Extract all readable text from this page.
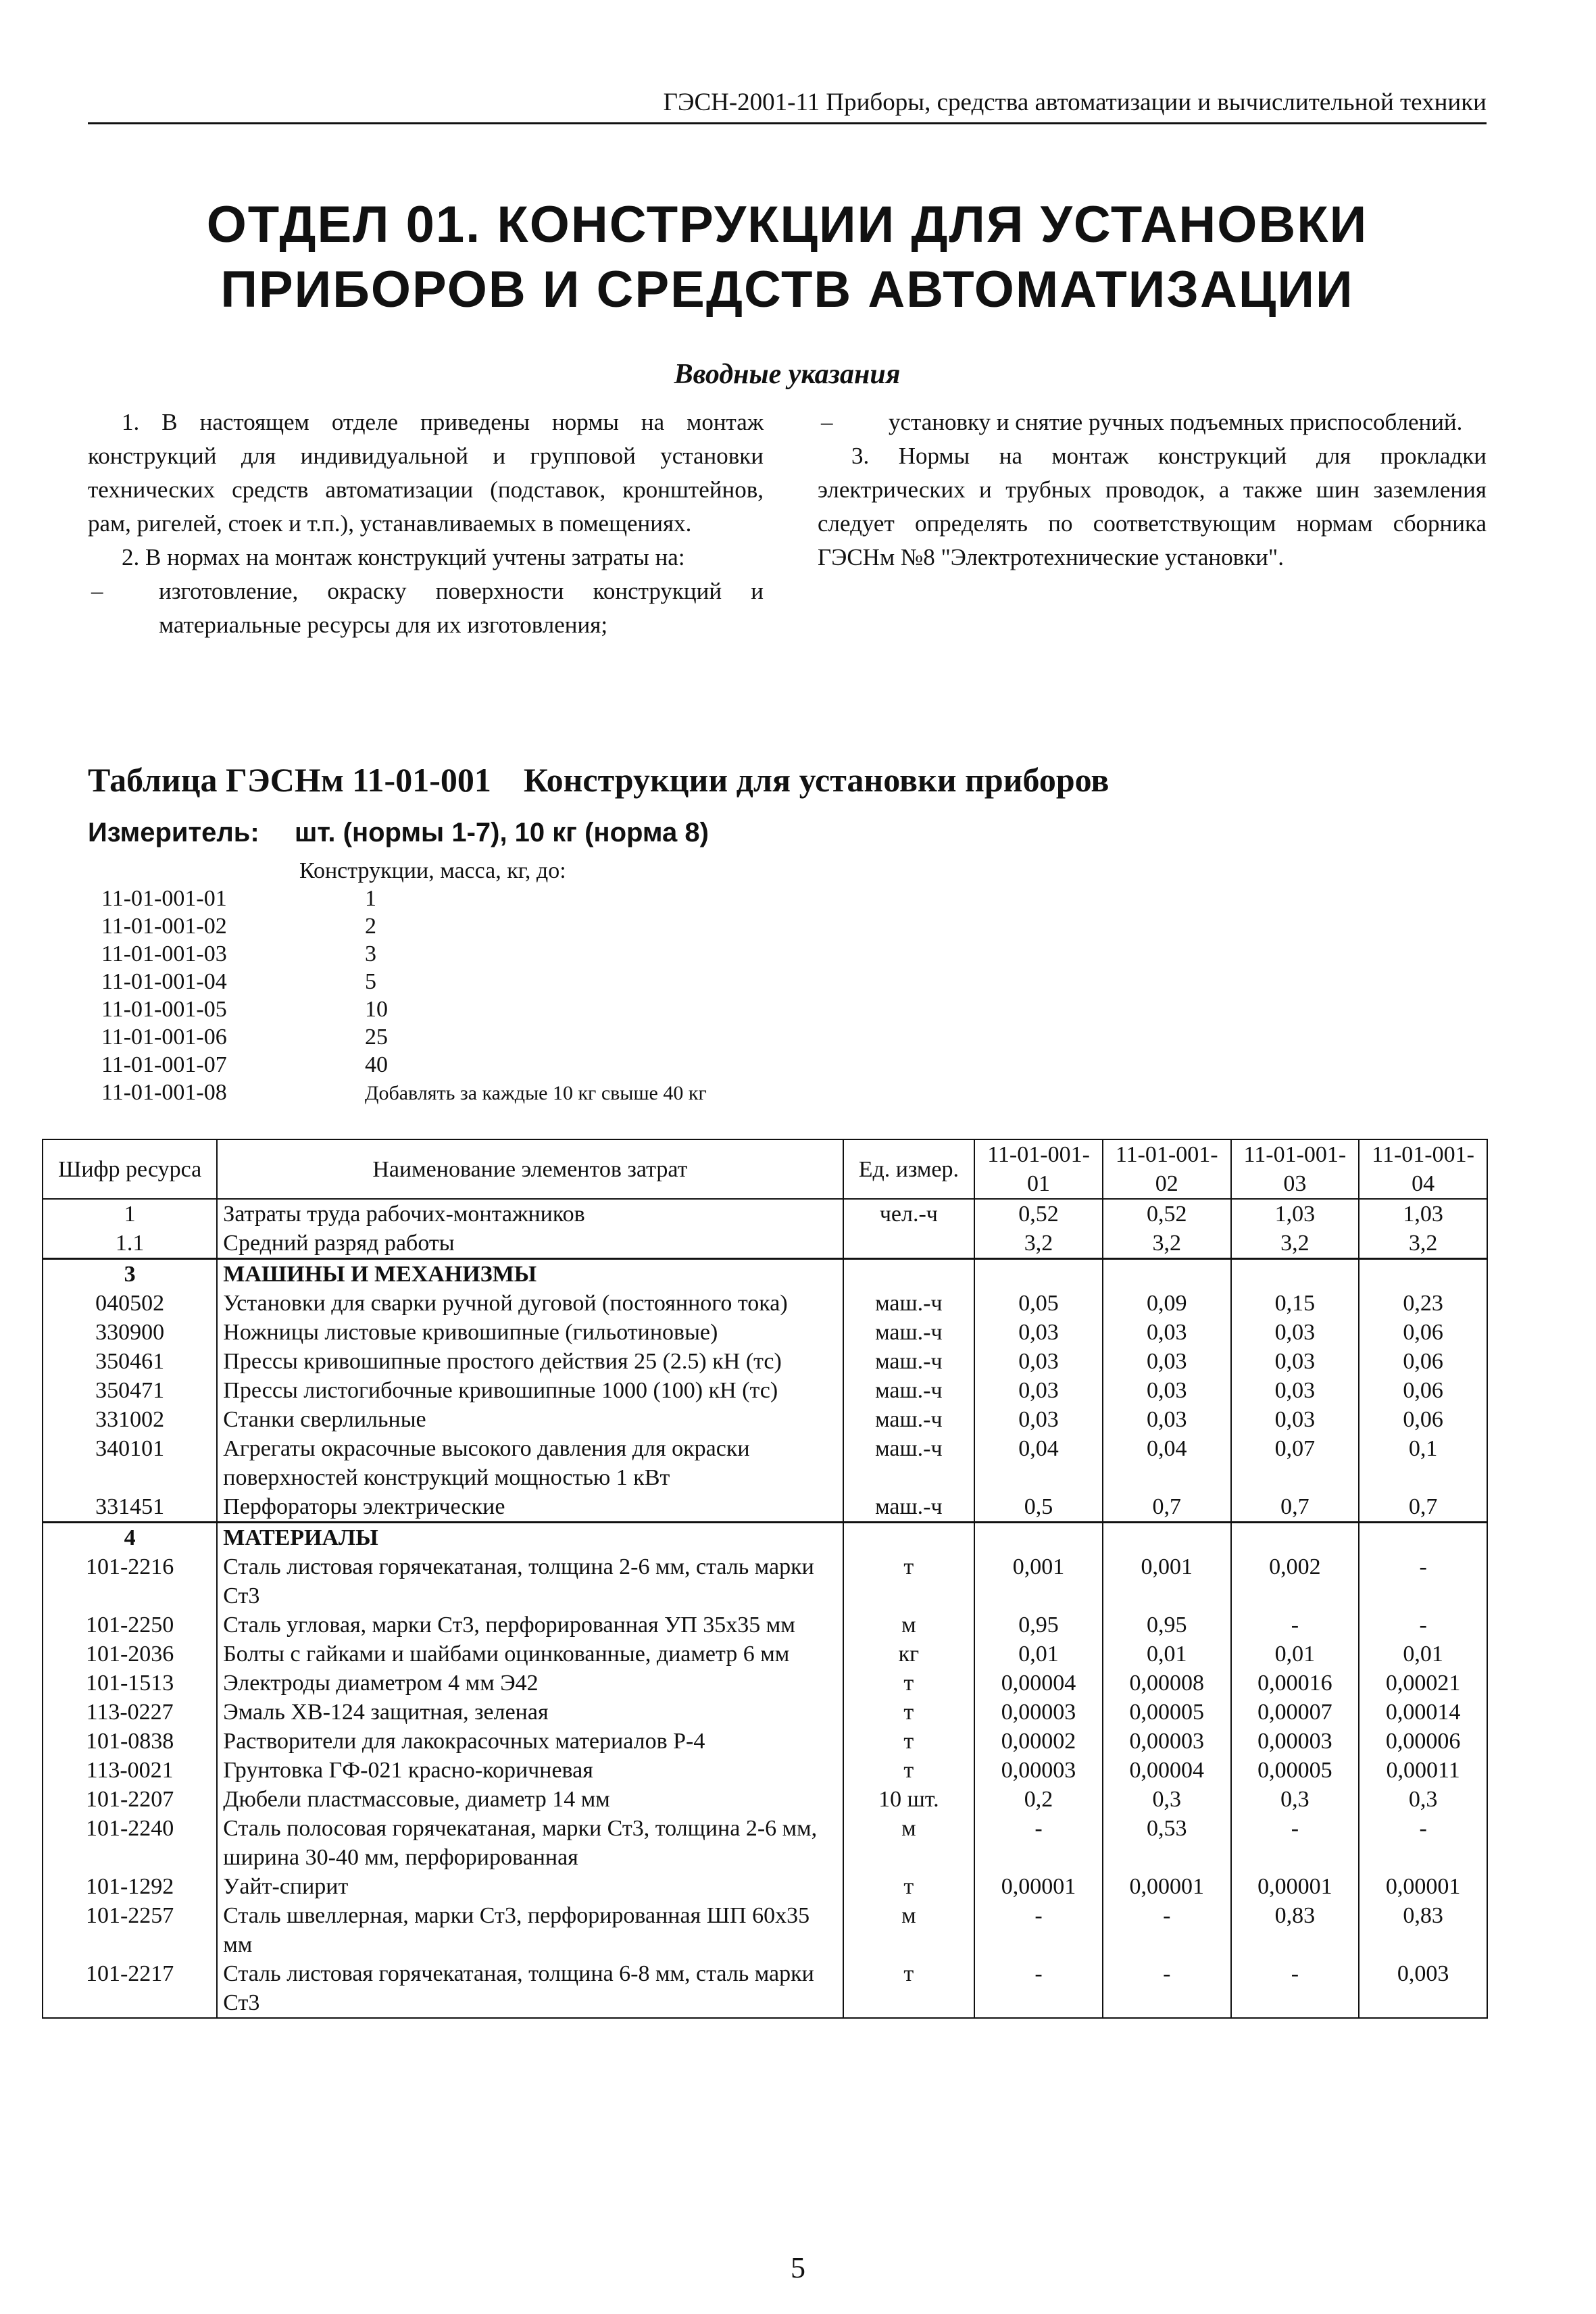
ГЭСН-2001-11 Приборы, средства автоматизации и вычислительной техники
ОТДЕЛ 01. КОНСТРУКЦИИ ДЛЯ УСТАНОВКИ
ПРИБОРОВ И СРЕДСТВ АВТОМАТИЗАЦИИ
Вводные указания

1. В настоящем отделе приведены нормы на монтаж конструкций для индивидуальной и групповой установки технических средств автоматизации (подставок, кронштейнов, рам, ригелей, стоек и т.п.), устанавливаемых в помещениях.

2. В нормах на монтаж конструкций учтены затраты на:

– изготовление, окраску поверхности конструкций и материальные ресурсы для их изготовления;

– установку и снятие ручных подъемных приспособлений.

3. Нормы на монтаж конструкций для прокладки электрических и трубных проводок, а также шин заземления следует определять по соответствующим нормам сборника ГЭСНм №8 "Электротехнические установки".

Таблица ГЭСНм 11-01-001 Конструкции для установки приборов
Измеритель: шт. (нормы 1-7), 10 кг (норма 8)
Конструкции, масса, кг, до:
11-01-001-01	1
11-01-001-02	2
11-01-001-03	3
11-01-001-04	5
11-01-001-05	10
11-01-001-06	25
11-01-001-07	40
11-01-001-08	Добавлять за каждые 10 кг свыше 40 кг
Шифр ресурса	Наименование элементов затрат	Ед. измер.	11-01-001-01	11-01-001-02	11-01-001-03	11-01-001-04
1	Затраты труда рабочих-монтажников	чел.-ч	0,52	0,52	1,03	1,03
1.1	Средний разряд работы		3,2	3,2	3,2	3,2
3	МАШИНЫ И МЕХАНИЗМЫ					
040502	Установки для сварки ручной дуговой (постоянного тока)	маш.-ч	0,05	0,09	0,15	0,23
330900	Ножницы листовые кривошипные (гильотиновые)	маш.-ч	0,03	0,03	0,03	0,06
350461	Прессы кривошипные простого действия 25 (2.5) кН (тс)	маш.-ч	0,03	0,03	0,03	0,06
350471	Прессы листогибочные кривошипные 1000 (100) кН (тс)	маш.-ч	0,03	0,03	0,03	0,06
331002	Станки сверлильные	маш.-ч	0,03	0,03	0,03	0,06
340101	Агрегаты окрасочные высокого давления для окраски поверхностей конструкций мощностью 1 кВт	маш.-ч	0,04	0,04	0,07	0,1
331451	Перфораторы электрические	маш.-ч	0,5	0,7	0,7	0,7
4	МАТЕРИАЛЫ					
101-2216	Сталь листовая горячекатаная, толщина 2-6 мм, сталь марки Ст3	т	0,001	0,001	0,002	-
101-2250	Сталь угловая, марки Ст3, перфорированная УП 35х35 мм	м	0,95	0,95	-	-
101-2036	Болты с гайками и шайбами оцинкованные, диаметр 6 мм	кг	0,01	0,01	0,01	0,01
101-1513	Электроды диаметром 4 мм Э42	т	0,00004	0,00008	0,00016	0,00021
113-0227	Эмаль ХВ-124 защитная, зеленая	т	0,00003	0,00005	0,00007	0,00014
101-0838	Растворители для лакокрасочных материалов Р-4	т	0,00002	0,00003	0,00003	0,00006
113-0021	Грунтовка ГФ-021 красно-коричневая	т	0,00003	0,00004	0,00005	0,00011
101-2207	Дюбели пластмассовые, диаметр 14 мм	10 шт.	0,2	0,3	0,3	0,3
101-2240	Сталь полосовая горячекатаная, марки Ст3, толщина 2-6 мм, ширина 30-40 мм, перфорированная	м	-	0,53	-	-
101-1292	Уайт-спирит	т	0,00001	0,00001	0,00001	0,00001
101-2257	Сталь швеллерная, марки Ст3, перфорированная ШП 60х35 мм	м	-	-	0,83	0,83
101-2217	Сталь листовая горячекатаная, толщина 6-8 мм, сталь марки Ст3	т	-	-	-	0,003
5
